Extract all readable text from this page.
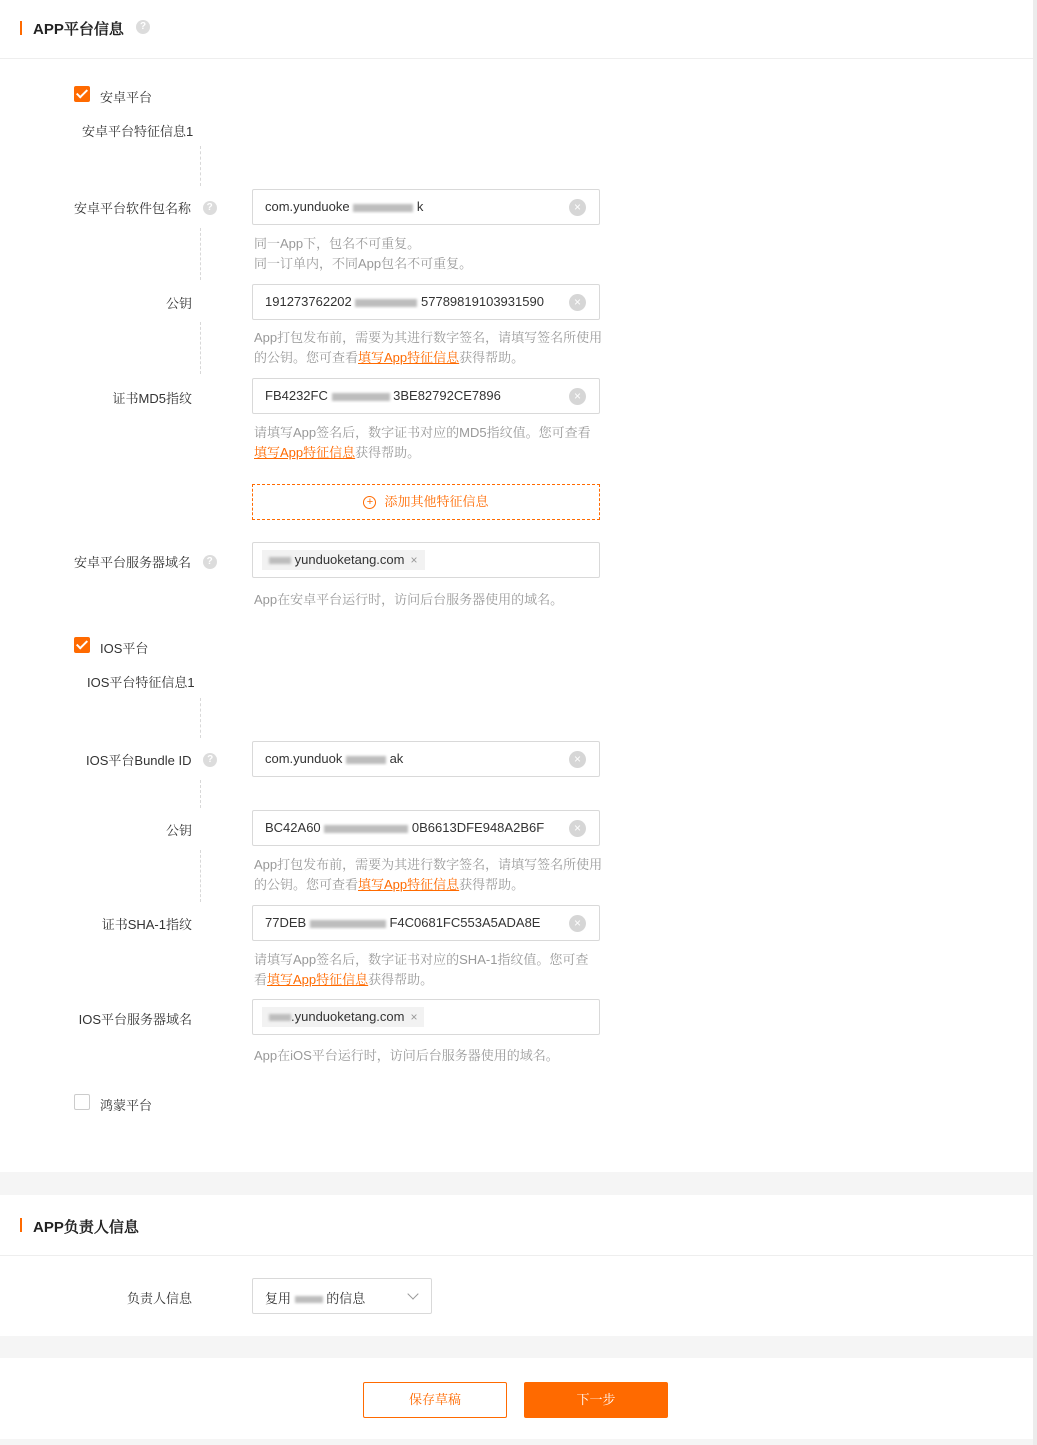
APP平台信息	?
安卓平台
安卓平台特征信息1
安卓平台软件包名称 ?	com.yunduoke	k	×
同一App下，包名不可重复。
同一订单内，不同App包名不可重复。
公钥	191273762202	57789819103931590	×
App打包发布前，需要为其进行数字签名，请填写签名所使用的公钥。您可查看填写App特征信息获得帮助。
证书MD5指纹	FB4232FC	3BE82792CE7896	×
请填写App签名后，数字证书对应的MD5指纹值。您可查看填写App特征信息获得帮助。
+ 添加其他特征信息
安卓平台服务器域名 ?	yunduoketang.com ×
App在安卓平台运行时，访问后台服务器使用的域名。
IOS平台
IOS平台特征信息1
IOS平台Bundle ID ?	com.yunduok	ak	×
公钥	BC42A60	0B6613DFE948A2B6F	×
App打包发布前，需要为其进行数字签名，请填写签名所使用的公钥。您可查看填写App特征信息获得帮助。
证书SHA-1指纹	77DEB	F4C0681FC553A5ADA8E	×
请填写App签名后，数字证书对应的SHA-1指纹值。您可查看填写App特征信息获得帮助。
IOS平台服务器域名	.yunduoketang.com ×
App在iOS平台运行时，访问后台服务器使用的域名。
鸿蒙平台
APP负责人信息
负责人信息	复用	的信息
保存草稿	下一步
